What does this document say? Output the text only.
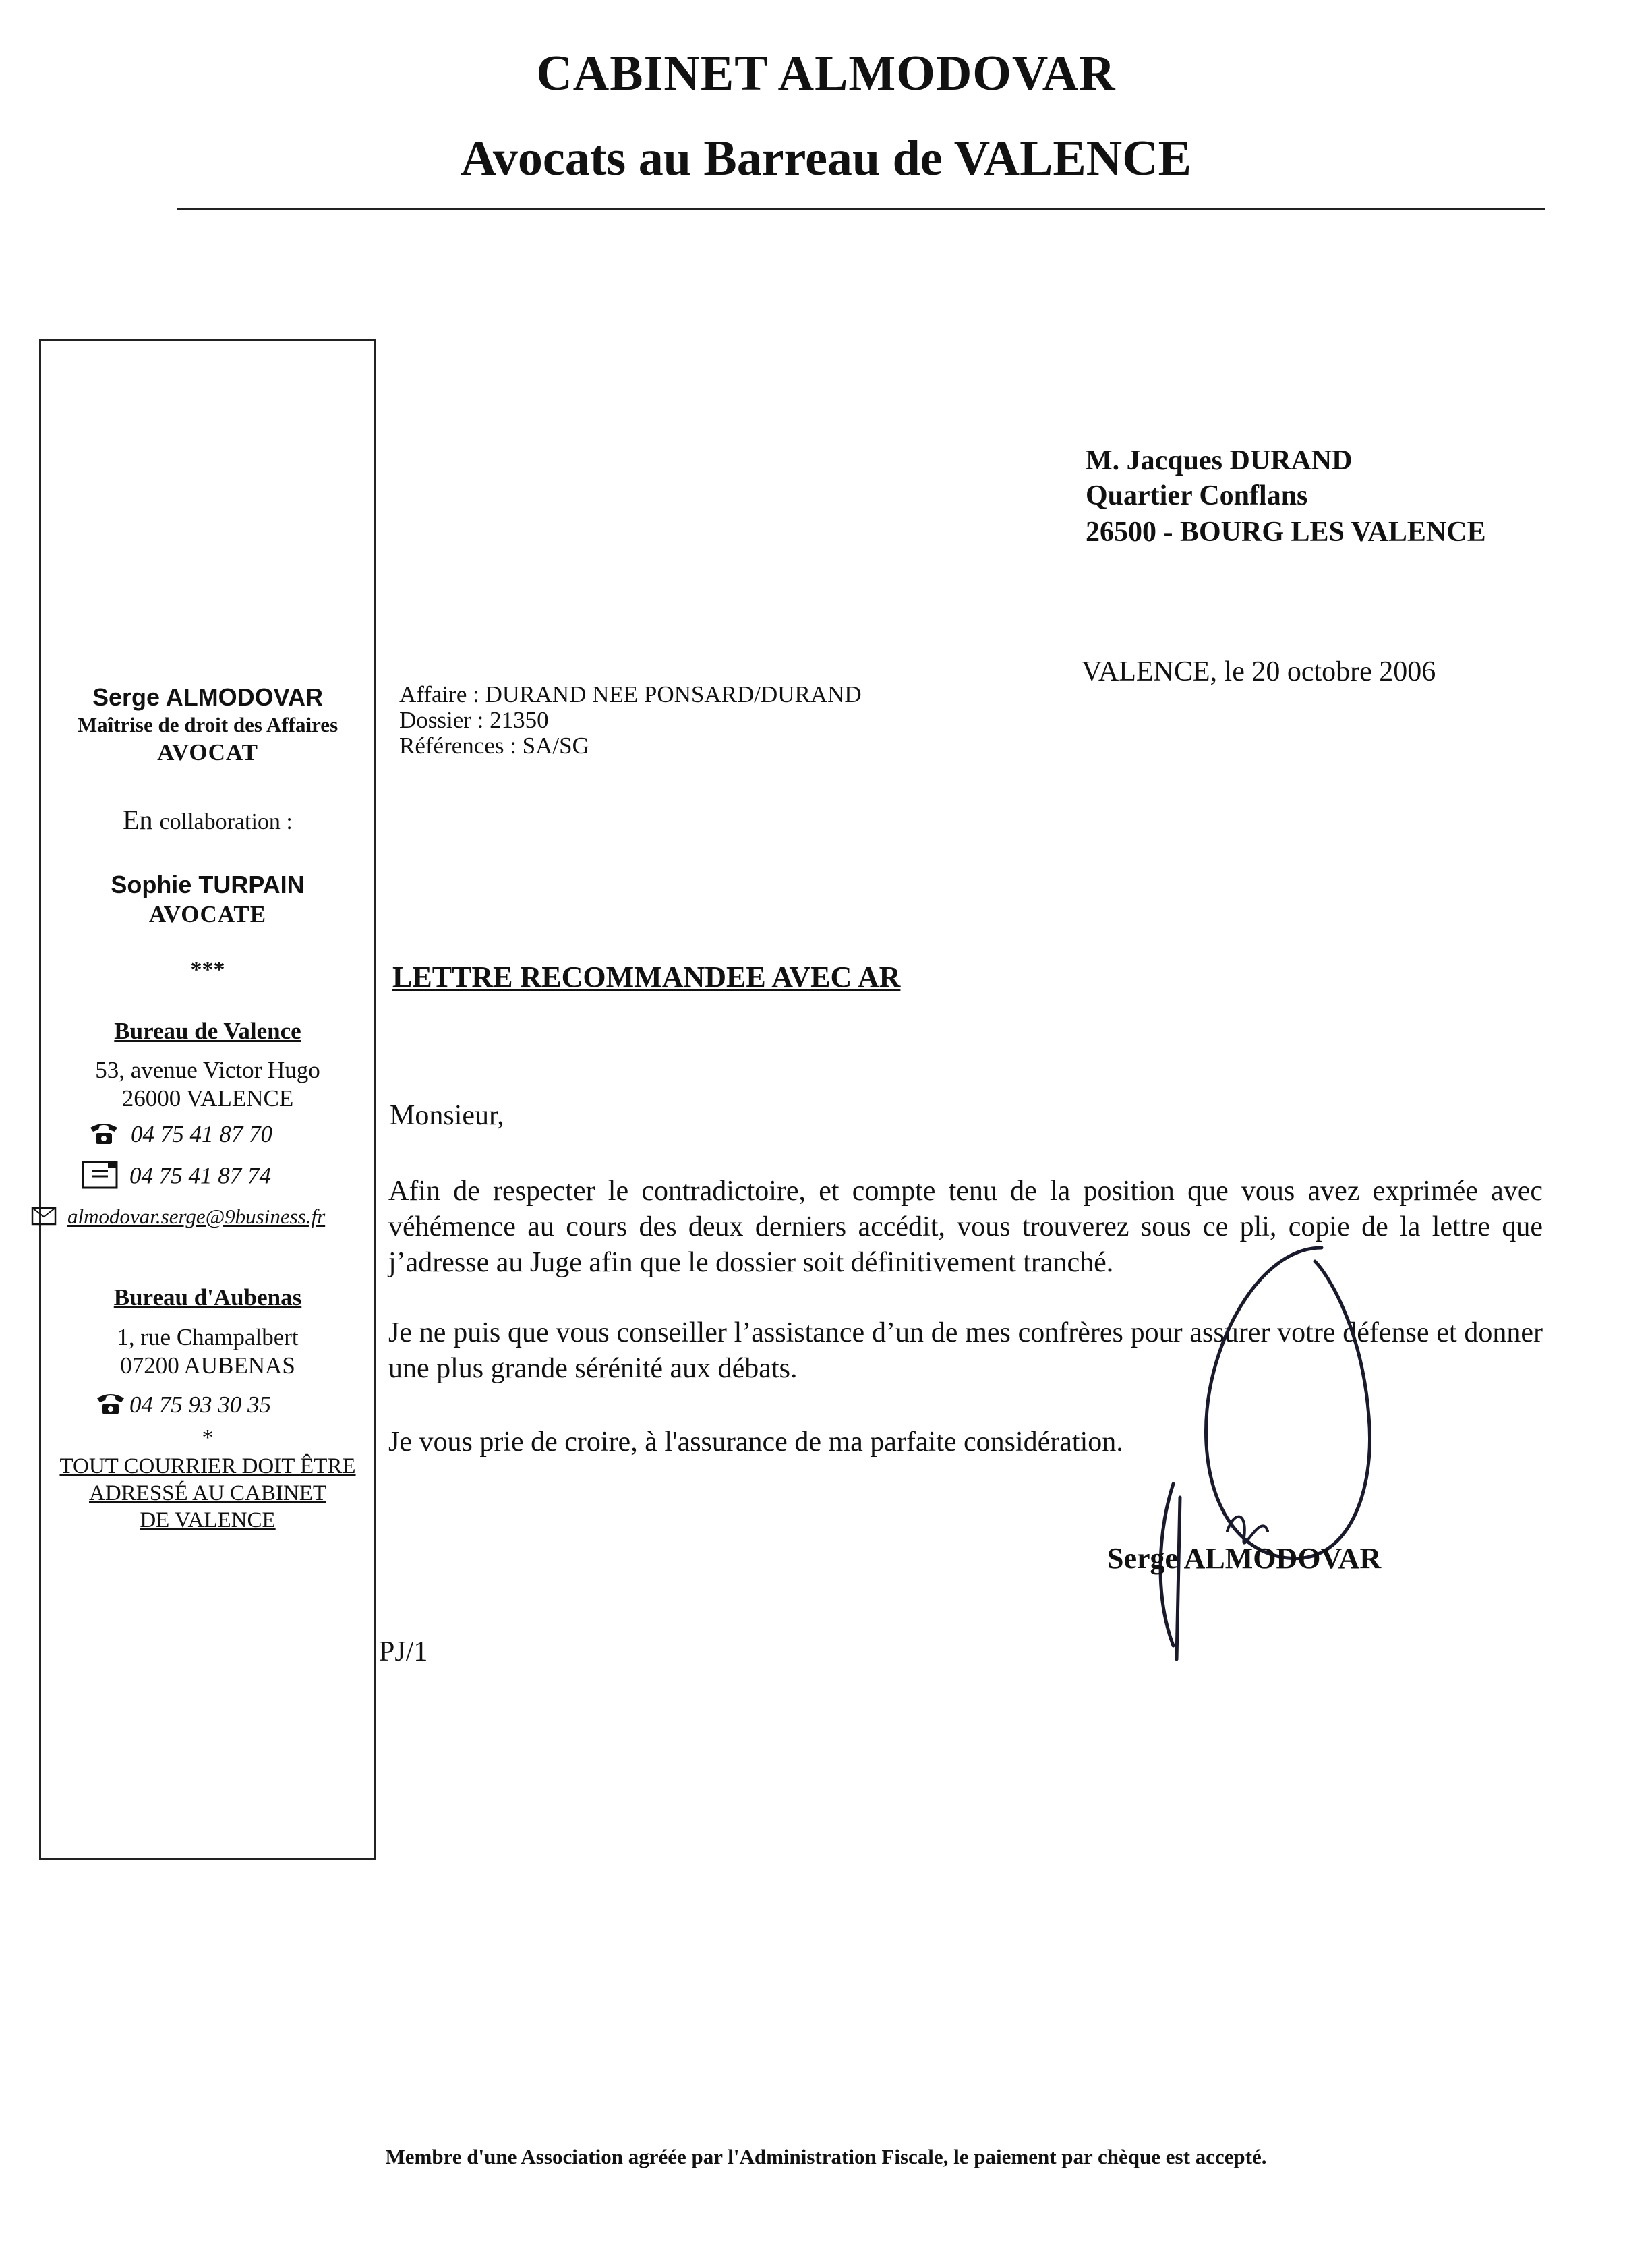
CABINET ALMODOVAR
Avocats au Barreau de VALENCE
Serge ALMODOVAR
Maîtrise de droit des Affaires
AVOCAT
En collaboration :
Sophie TURPAIN
AVOCATE
***
Bureau de Valence
53, avenue Victor Hugo
26000 VALENCE
04 75 41 87 70
04 75 41 87 74
almodovar.serge@9business.fr
Bureau d'Aubenas
1, rue Champalbert
07200 AUBENAS
04 75 93 30 35
*
TOUT COURRIER DOIT ÊTRE
ADRESSÉ AU CABINET
DE VALENCE
M. Jacques DURAND
Quartier Conflans
26500 - BOURG LES VALENCE
VALENCE, le 20 octobre 2006
Affaire : DURAND NEE PONSARD/DURAND
Dossier : 21350
Références : SA/SG
LETTRE RECOMMANDEE AVEC AR
Monsieur,
Afin de respecter le contradictoire, et compte tenu de la position que vous avez exprimée avec véhémence au cours des deux derniers accédit, vous trouverez sous ce pli, copie de la lettre que j’adresse au Juge afin que le dossier soit définitivement tranché.
Je ne puis que vous conseiller l’assistance d’un de mes confrères pour assurer votre défense et donner une plus grande sérénité aux débats.
Je vous prie de croire, à l'assurance de ma parfaite considération.
Serge ALMODOVAR
PJ/1
Membre d'une Association agréée par l'Administration Fiscale, le paiement par chèque est accepté.
